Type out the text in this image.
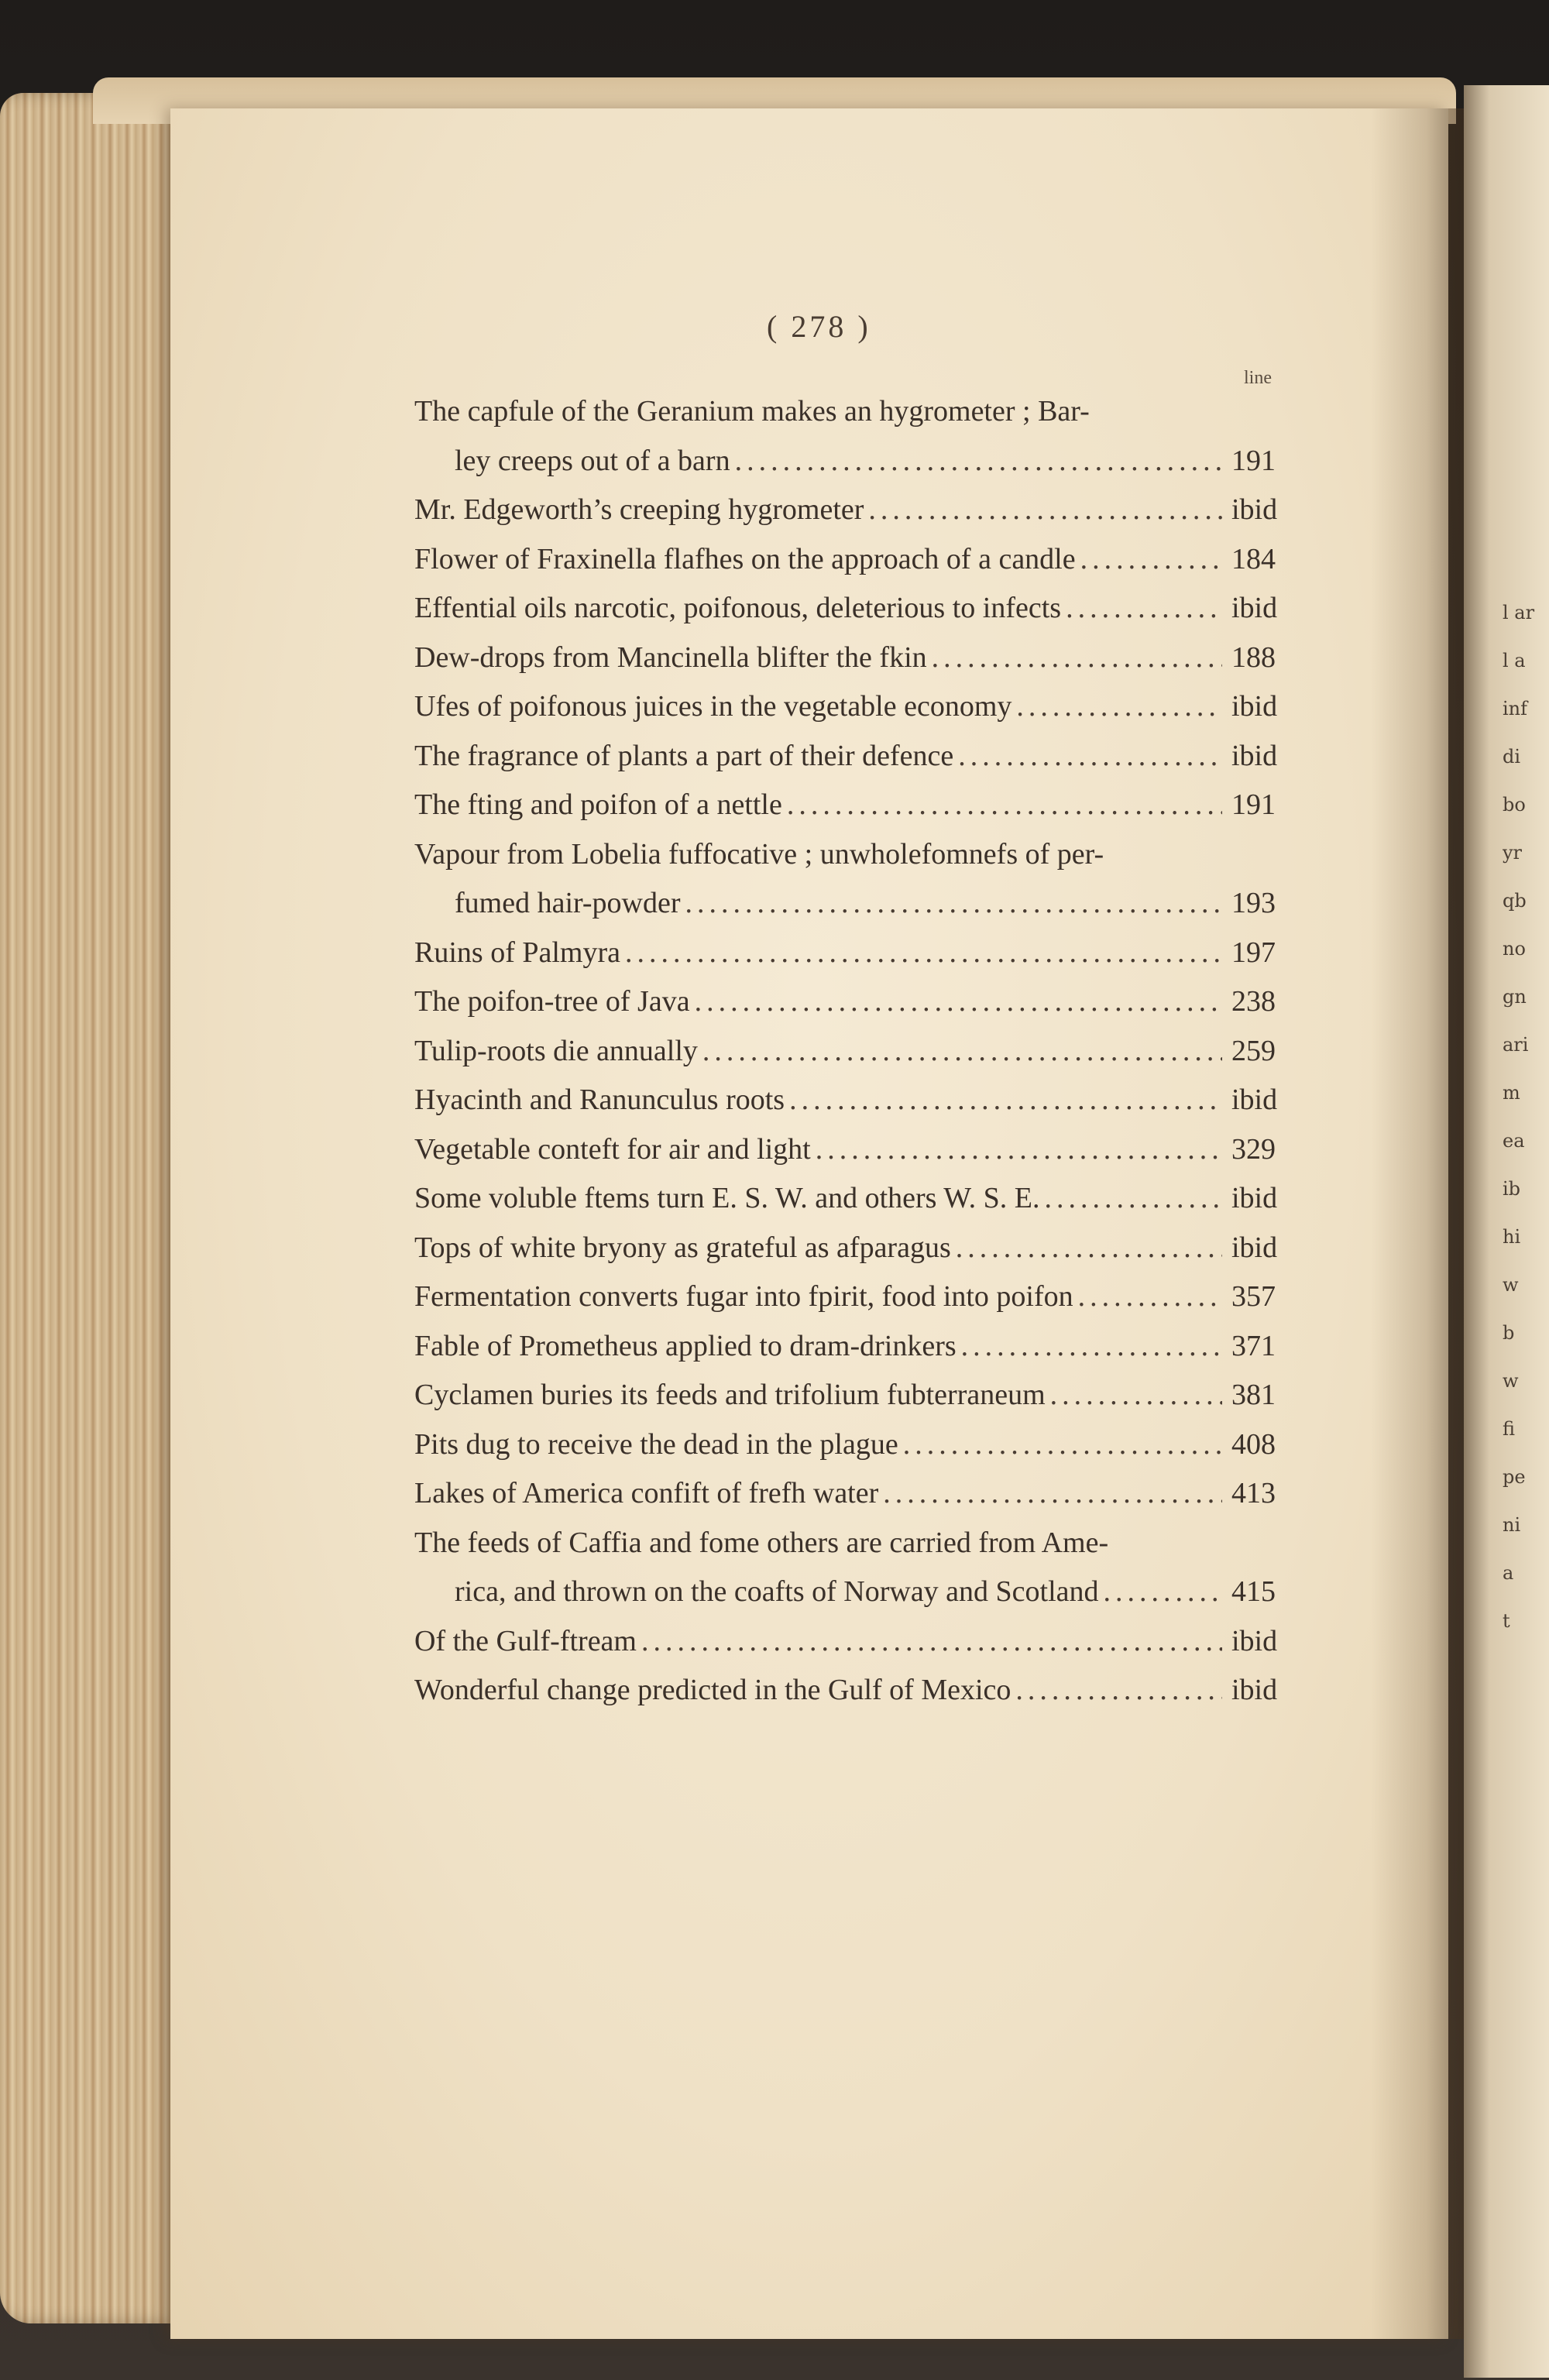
l ar
l a
inf
di
bo
yr
qb
no
gn
ari
m
ea
ib
hi
w
b
w
fi
pe
ni
a
t
( 278 )
line
The capfule of the Geranium makes an hygrometer ; Bar-
ley creeps out of a barn .....	191
Mr. Edgeworth’s creeping hygrometer .....	ibid
Flower of Fraxinella flafhes on the approach of a candle .....	184
Effential oils narcotic, poifonous, deleterious to infects .....	ibid
Dew-drops from Mancinella blifter the fkin .....	188
Ufes of poifonous juices in the vegetable economy .....	ibid
The fragrance of plants a part of their defence .....	ibid
The fting and poifon of a nettle .....	191
Vapour from Lobelia fuffocative ; unwholefomnefs of per-
fumed hair-powder .....	193
Ruins of Palmyra .....	197
The poifon-tree of Java .....	238
Tulip-roots die annually .....	259
Hyacinth and Ranunculus roots .....	ibid
Vegetable conteft for air and light .....	329
Some voluble ftems turn E. S. W. and others W. S. E. .....	ibid
Tops of white bryony as grateful as afparagus .....	ibid
Fermentation converts fugar into fpirit, food into poifon .....	357
Fable of Prometheus applied to dram-drinkers .....	371
Cyclamen buries its feeds and trifolium fubterraneum .....	381
Pits dug to receive the dead in the plague .....	408
Lakes of America confift of frefh water .....	413
The feeds of Caffia and fome others are carried from Ame-
rica, and thrown on the coafts of Norway and Scotland .....	415
Of the Gulf-ftream .....	ibid
Wonderful change predicted in the Gulf of Mexico .....	ibid
